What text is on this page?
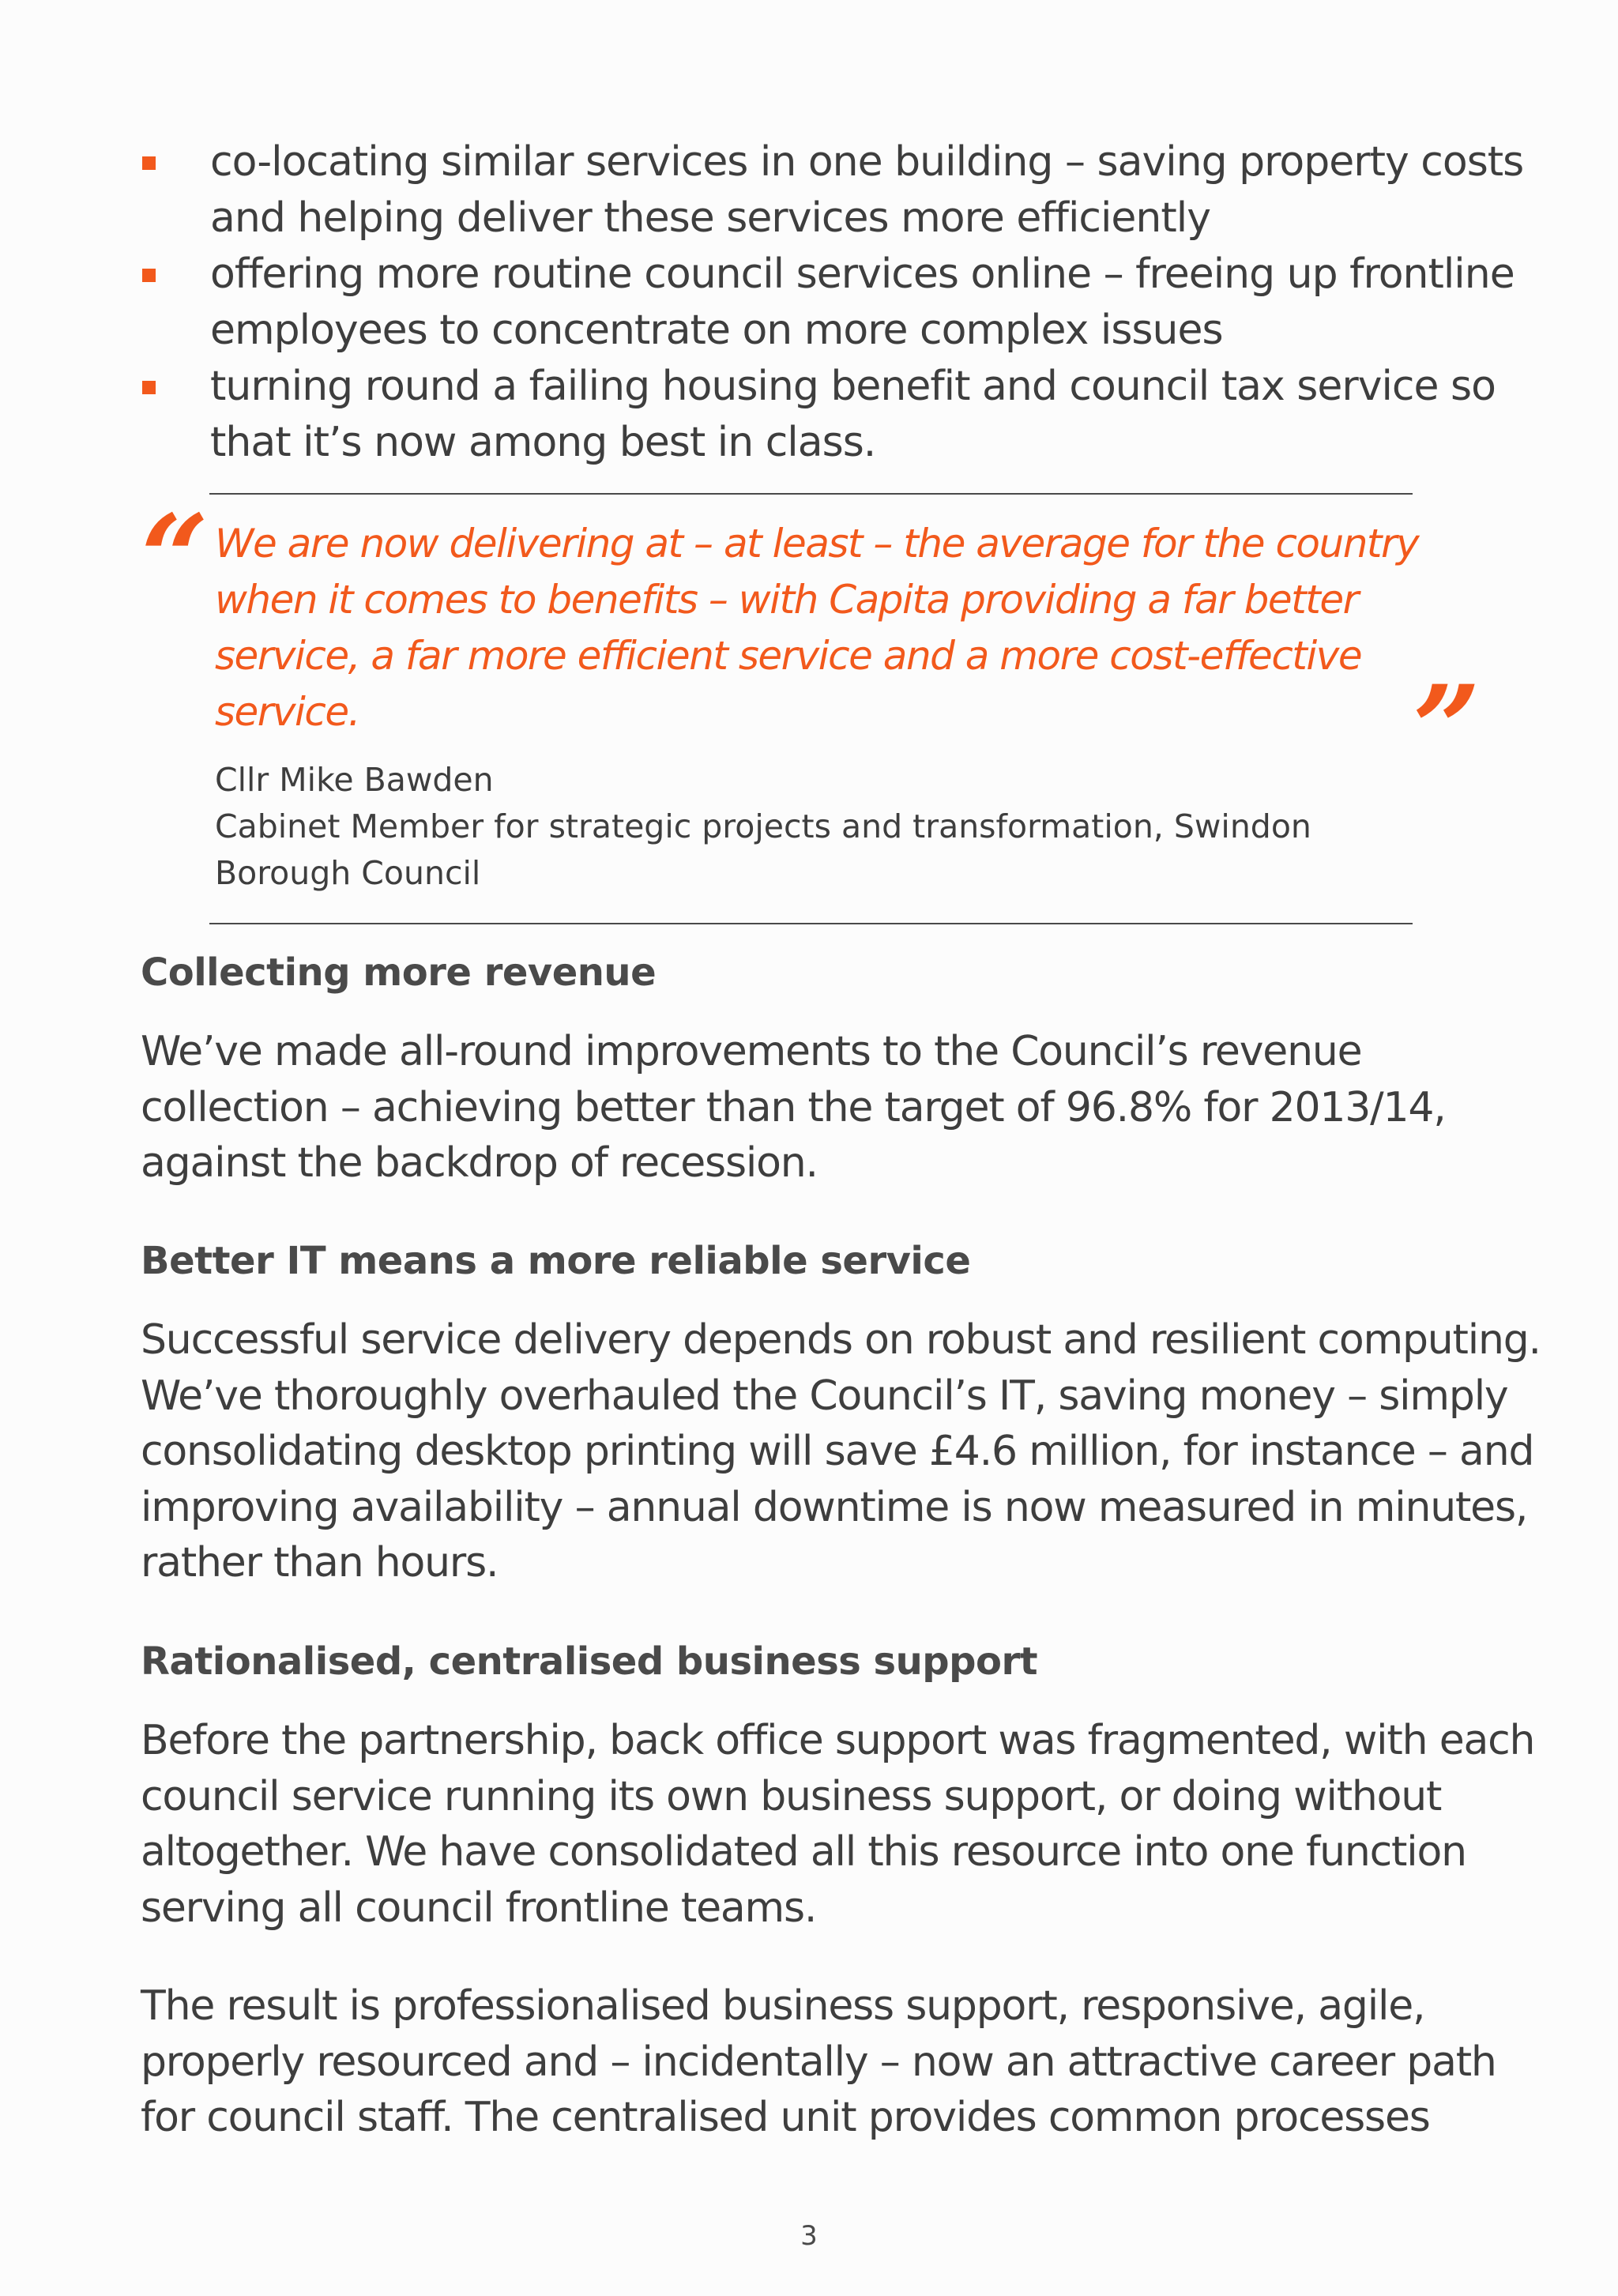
co-locating similar services in one building – saving property costs
and helping deliver these services more efficiently
offering more routine council services online – freeing up frontline
employees to concentrate on more complex issues
turning round a failing housing benefit and council tax service so
that it’s now among best in class.
“ We are now delivering at – at least – the average for the country
when it comes to benefits – with Capita providing a far better
service, a far more efficient service and a more cost-effective
service.	”
Cllr Mike Bawden
Cabinet Member for strategic projects and transformation, Swindon
Borough Council
Collecting more revenue
We’ve made all-round improvements to the Council’s revenue
collection – achieving better than the target of 96.8% for 2013/14,
against the backdrop of recession.
Better IT means a more reliable service
Successful service delivery depends on robust and resilient computing.
We’ve thoroughly overhauled the Council’s IT, saving money – simply
consolidating desktop printing will save £4.6 million, for instance – and
improving availability – annual downtime is now measured in minutes,
rather than hours.
Rationalised, centralised business support
Before the partnership, back office support was fragmented, with each
council service running its own business support, or doing without
altogether. We have consolidated all this resource into one function
serving all council frontline teams.
The result is professionalised business support, responsive, agile,
properly resourced and – incidentally – now an attractive career path
for council staff. The centralised unit provides common processes
3
